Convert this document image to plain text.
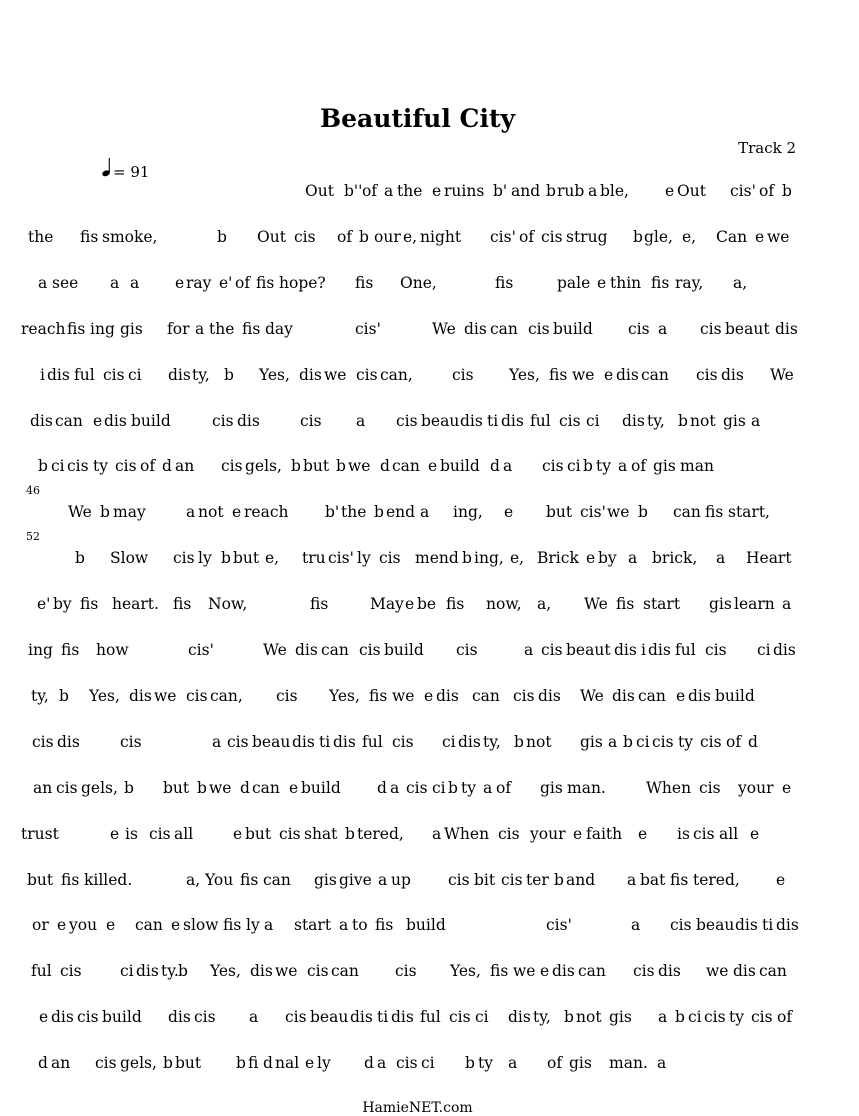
Beautiful City
Track 2
= 91
46
52
Out b'' of a the e ruins b' and b rub a ble, e Out cis' of b
the fis smoke,	b Out cis of b our e, night cis' of cis strug b gle, e, Can e we
a see a a e ray e' of fis hope? fis One,	fis	pale e thin fis ray, a,
reach fis ing gis for a the fis day	cis'	We dis can cis build cis a cis beaut dis
i dis ful cis ci dis ty, b Yes, dis we cis can,	cis Yes, fis we e dis can cis dis We
dis can e dis build	cis dis	cis a cis beau dis ti dis ful cis ci dis ty, b not gis a
b ci cis ty cis of d an cis gels, b but b we d can e build d a cis ci b ty a of gis man
We b may	a not e reach b' the b end a ing, e but cis' we b can fis start,
b Slow cis ly b but e, tru cis' ly cis mend b ing, e, Brick e by a brick, a Heart
e' by fis heart. fis Now,	fis	May e be fis now, a, We fis start gis learn a
ing fis how	cis'	We dis can cis build cis	a cis beaut dis i dis ful cis ci dis
ty, b Yes, dis we cis can, cis Yes, fis we e dis can cis dis We dis can e dis build
cis dis	cis	a cis beau dis ti dis ful cis ci dis ty, b not gis a b ci cis ty cis of d
an cis gels, b but b we d can e build d a cis ci b ty a of gis man.	When cis your e
trust	e is cis all	e but cis shat b tered, a When cis your e faith e is cis all e
but fis killed.	a, You fis can gis give a up cis bit cis ter b and a bat fis tered, e
or e you e can e slow fis ly a start a to fis build	cis'	a cis beau dis ti dis
ful cis ci dis ty. b Yes, dis we cis can cis Yes, fis we e dis can cis dis we dis can
e dis cis build dis cis a cis beau dis ti dis ful cis ci dis ty, b not gis a b ci cis ty cis of
d an cis gels, b but b fi d nal e ly d a cis ci b ty a of gis man. a
HamieNET.com
